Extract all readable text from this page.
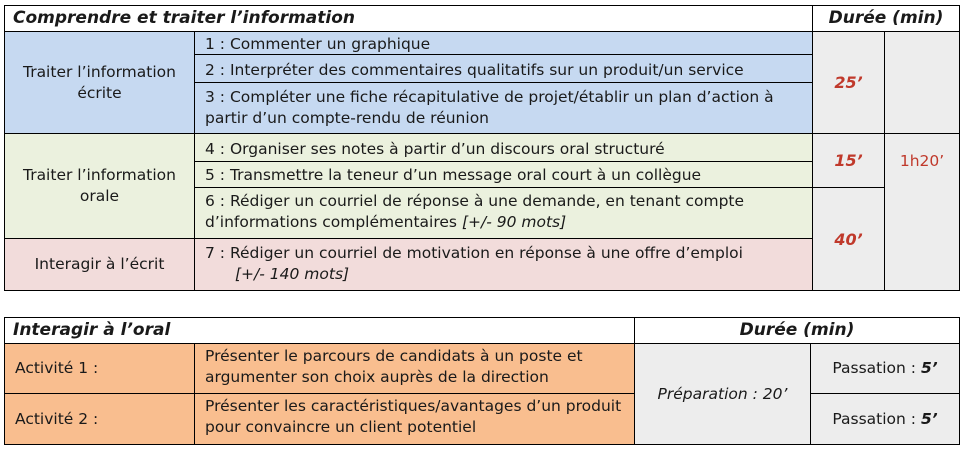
Comprendre et traiter l’information	Durée (min)
Traiter l’information écrite
Traiter l’information orale
Interagir à l’écrit
1 : Commenter un graphique
2 : Interpréter des commentaires qualitatifs sur un produit/un service
3 : Compléter une fiche récapitulative de projet/établir un plan d’action à partir d’un compte-rendu de réunion
4 : Organiser ses notes à partir d’un discours oral structuré
5 : Transmettre la teneur d’un message oral court à un collègue
6 : Rédiger un courriel de réponse à une demande, en tenant compte d’informations complémentaires [+/- 90 mots]
7 : Rédiger un courriel de motivation en réponse à une offre d’emploi
[+/- 140 mots]
25’
15’
40’
1h20’
Interagir à l’oral	Durée (min)
Activité 1 :
Présenter le parcours de candidats à un poste et argumenter son choix auprès de la direction
Activité 2 :
Présenter les caractéristiques/avantages d’un produit pour convaincre un client potentiel
Préparation : 20’
Passation : 5’
Passation : 5’
